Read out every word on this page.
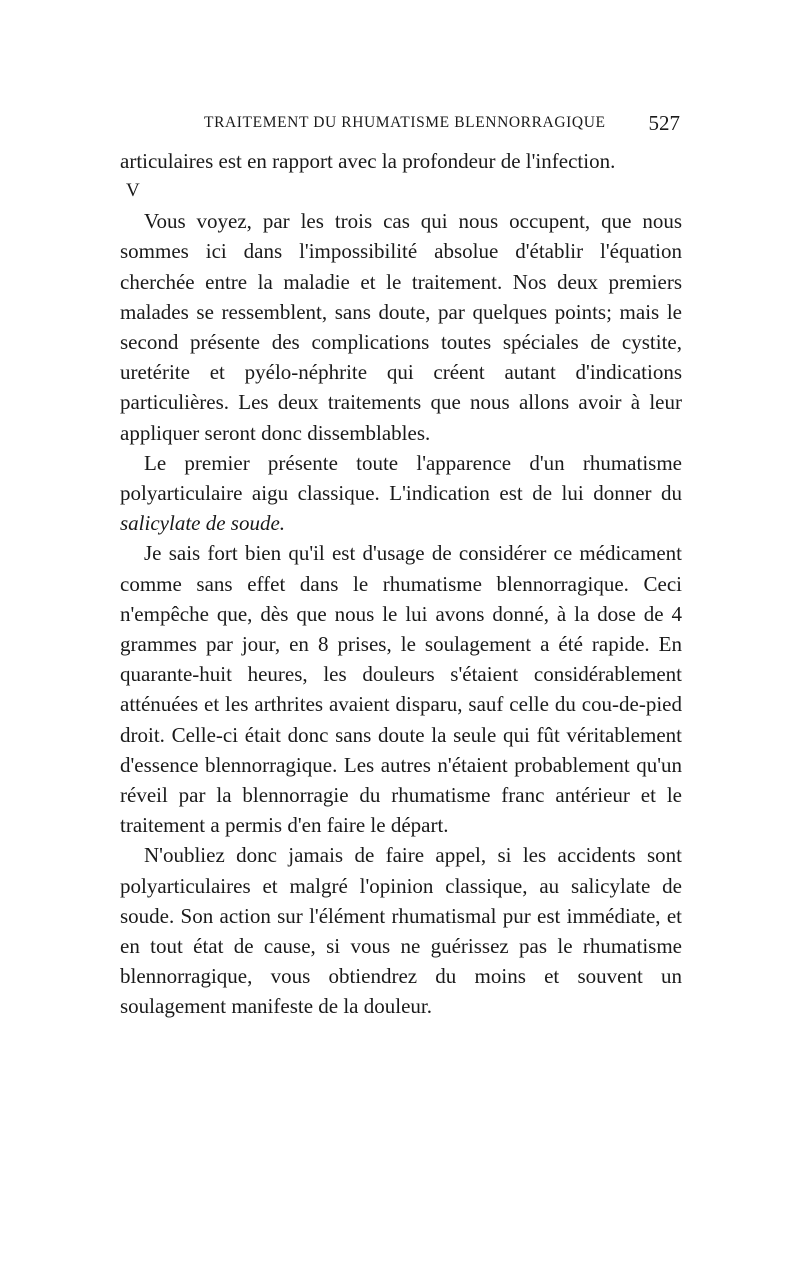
TRAITEMENT DU RHUMATISME BLENNORRAGIQUE 527

articulaires est en rapport avec la profondeur de l'infection.

V

Vous voyez, par les trois cas qui nous occupent, que nous sommes ici dans l'impossibilité absolue d'établir l'équation cherchée entre la maladie et le traitement. Nos deux premiers malades se ressemblent, sans doute, par quelques points; mais le second présente des complications toutes spéciales de cystite, uretérite et pyélo-néphrite qui créent autant d'indications particulières. Les deux traitements que nous allons avoir à leur appliquer seront donc dissemblables.

Le premier présente toute l'apparence d'un rhumatisme polyarticulaire aigu classique. L'indication est de lui donner du salicylate de soude.

Je sais fort bien qu'il est d'usage de considérer ce médicament comme sans effet dans le rhumatisme blennorragique. Ceci n'empêche que, dès que nous le lui avons donné, à la dose de 4 grammes par jour, en 8 prises, le soulagement a été rapide. En quarante-huit heures, les douleurs s'étaient considérablement atténuées et les arthrites avaient disparu, sauf celle du cou-de-pied droit. Celle-ci était donc sans doute la seule qui fût véritablement d'essence blennorragique. Les autres n'étaient probablement qu'un réveil par la blennorragie du rhumatisme franc antérieur et le traitement a permis d'en faire le départ.

N'oubliez donc jamais de faire appel, si les accidents sont polyarticulaires et malgré l'opinion classique, au salicylate de soude. Son action sur l'élément rhumatismal pur est immédiate, et en tout état de cause, si vous ne guérissez pas le rhumatisme blennorragique, vous obtiendrez du moins et souvent un soulagement manifeste de la douleur.
